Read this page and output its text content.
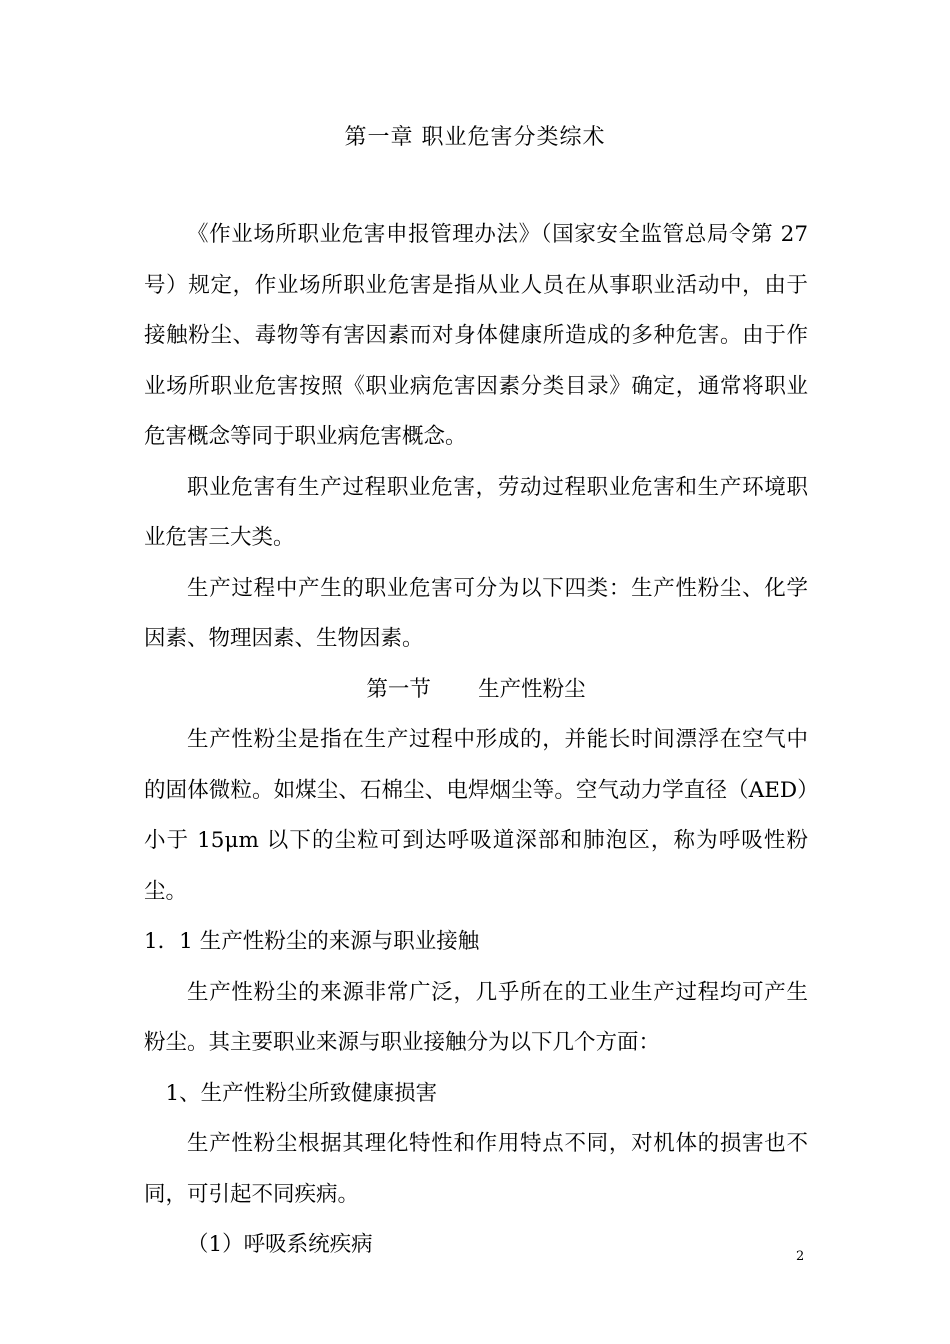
第一章 职业危害分类综术

《作业场所职业危害申报管理办法》（国家安全监管总局令第 27 号）规定，作业场所职业危害是指从业人员在从事职业活动中，由于接触粉尘、毒物等有害因素而对身体健康所造成的多种危害。由于作业场所职业危害按照《职业病危害因素分类目录》确定，通常将职业危害概念等同于职业病危害概念。

职业危害有生产过程职业危害，劳动过程职业危害和生产环境职业危害三大类。

生产过程中产生的职业危害可分为以下四类：生产性粉尘、化学因素、物理因素、生物因素。

第一节 生产性粉尘

生产性粉尘是指在生产过程中形成的，并能长时间漂浮在空气中的固体微粒。如煤尘、石棉尘、电焊烟尘等。空气动力学直径（AED）小于 15μm 以下的尘粒可到达呼吸道深部和肺泡区，称为呼吸性粉尘。

1．1 生产性粉尘的来源与职业接触

生产性粉尘的来源非常广泛，几乎所在的工业生产过程均可产生粉尘。其主要职业来源与职业接触分为以下几个方面：

1、生产性粉尘所致健康损害

生产性粉尘根据其理化特性和作用特点不同，对机体的损害也不同，可引起不同疾病。

（1）呼吸系统疾病	2
